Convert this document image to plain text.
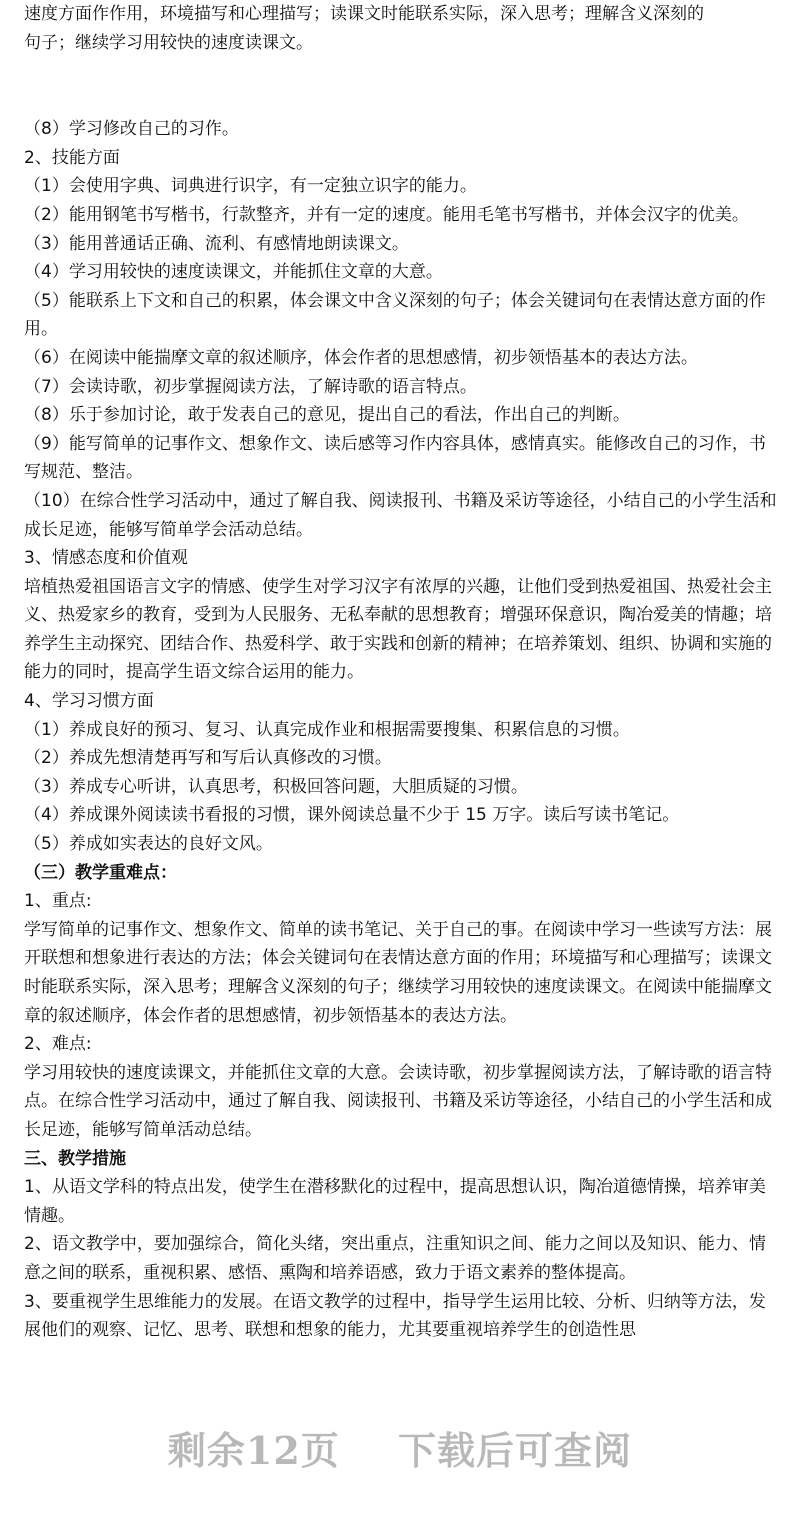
速度方面作作用，环境描写和心理描写；读课文时能联系实际，深入思考；理解含义深刻的

句子；继续学习用较快的速度读课文。

（8）学习修改自己的习作。

2、技能方面

（1）会使用字典、词典进行识字，有一定独立识字的能力。

（2）能用钢笔书写楷书，行款整齐，并有一定的速度。能用毛笔书写楷书，并体会汉字的优美。

（3）能用普通话正确、流利、有感情地朗读课文。

（4）学习用较快的速度读课文，并能抓住文章的大意。

（5）能联系上下文和自己的积累，体会课文中含义深刻的句子；体会关键词句在表情达意方面的作用。

（6）在阅读中能揣摩文章的叙述顺序，体会作者的思想感情，初步领悟基本的表达方法。

（7）会读诗歌，初步掌握阅读方法，了解诗歌的语言特点。

（8）乐于参加讨论，敢于发表自己的意见，提出自己的看法，作出自己的判断。

（9）能写简单的记事作文、想象作文、读后感等习作内容具体，感情真实。能修改自己的习作，书写规范、整洁。

（10）在综合性学习活动中，通过了解自我、阅读报刊、书籍及采访等途径，小结自己的小学生活和成长足迹，能够写简单学会活动总结。

3、情感态度和价值观

培植热爱祖国语言文字的情感、使学生对学习汉字有浓厚的兴趣，让他们受到热爱祖国、热爱社会主义、热爱家乡的教育，受到为人民服务、无私奉献的思想教育；增强环保意识，陶冶爱美的情趣；培养学生主动探究、团结合作、热爱科学、敢于实践和创新的精神；在培养策划、组织、协调和实施的能力的同时，提高学生语文综合运用的能力。

4、学习习惯方面

（1）养成良好的预习、复习、认真完成作业和根据需要搜集、积累信息的习惯。

（2）养成先想清楚再写和写后认真修改的习惯。

（3）养成专心听讲，认真思考，积极回答问题，大胆质疑的习惯。

（4）养成课外阅读读书看报的习惯，课外阅读总量不少于 15 万字。读后写读书笔记。

（5）养成如实表达的良好文风。

（三）教学重难点：

1、重点:

学写简单的记事作文、想象作文、简单的读书笔记、关于自己的事。在阅读中学习一些读写方法：展开联想和想象进行表达的方法；体会关键词句在表情达意方面的作用；环境描写和心理描写；读课文时能联系实际，深入思考；理解含义深刻的句子；继续学习用较快的速度读课文。在阅读中能揣摩文章的叙述顺序，体会作者的思想感情，初步领悟基本的表达方法。

2、难点:

学习用较快的速度读课文，并能抓住文章的大意。会读诗歌，初步掌握阅读方法，了解诗歌的语言特点。在综合性学习活动中，通过了解自我、阅读报刊、书籍及采访等途径，小结自己的小学生活和成长足迹，能够写简单活动总结。

三、教学措施

1、从语文学科的特点出发，使学生在潜移默化的过程中，提高思想认识，陶冶道德情操，培养审美情趣。

2、语文教学中，要加强综合，简化头绪，突出重点，注重知识之间、能力之间以及知识、能力、情意之间的联系，重视积累、感悟、熏陶和培养语感，致力于语文素养的整体提高。

3、要重视学生思维能力的发展。在语文教学的过程中，指导学生运用比较、分析、归纳等方法，发展他们的观察、记忆、思考、联想和想象的能力，尤其要重视培养学生的创造性思

剩余12页 下载后可查阅
